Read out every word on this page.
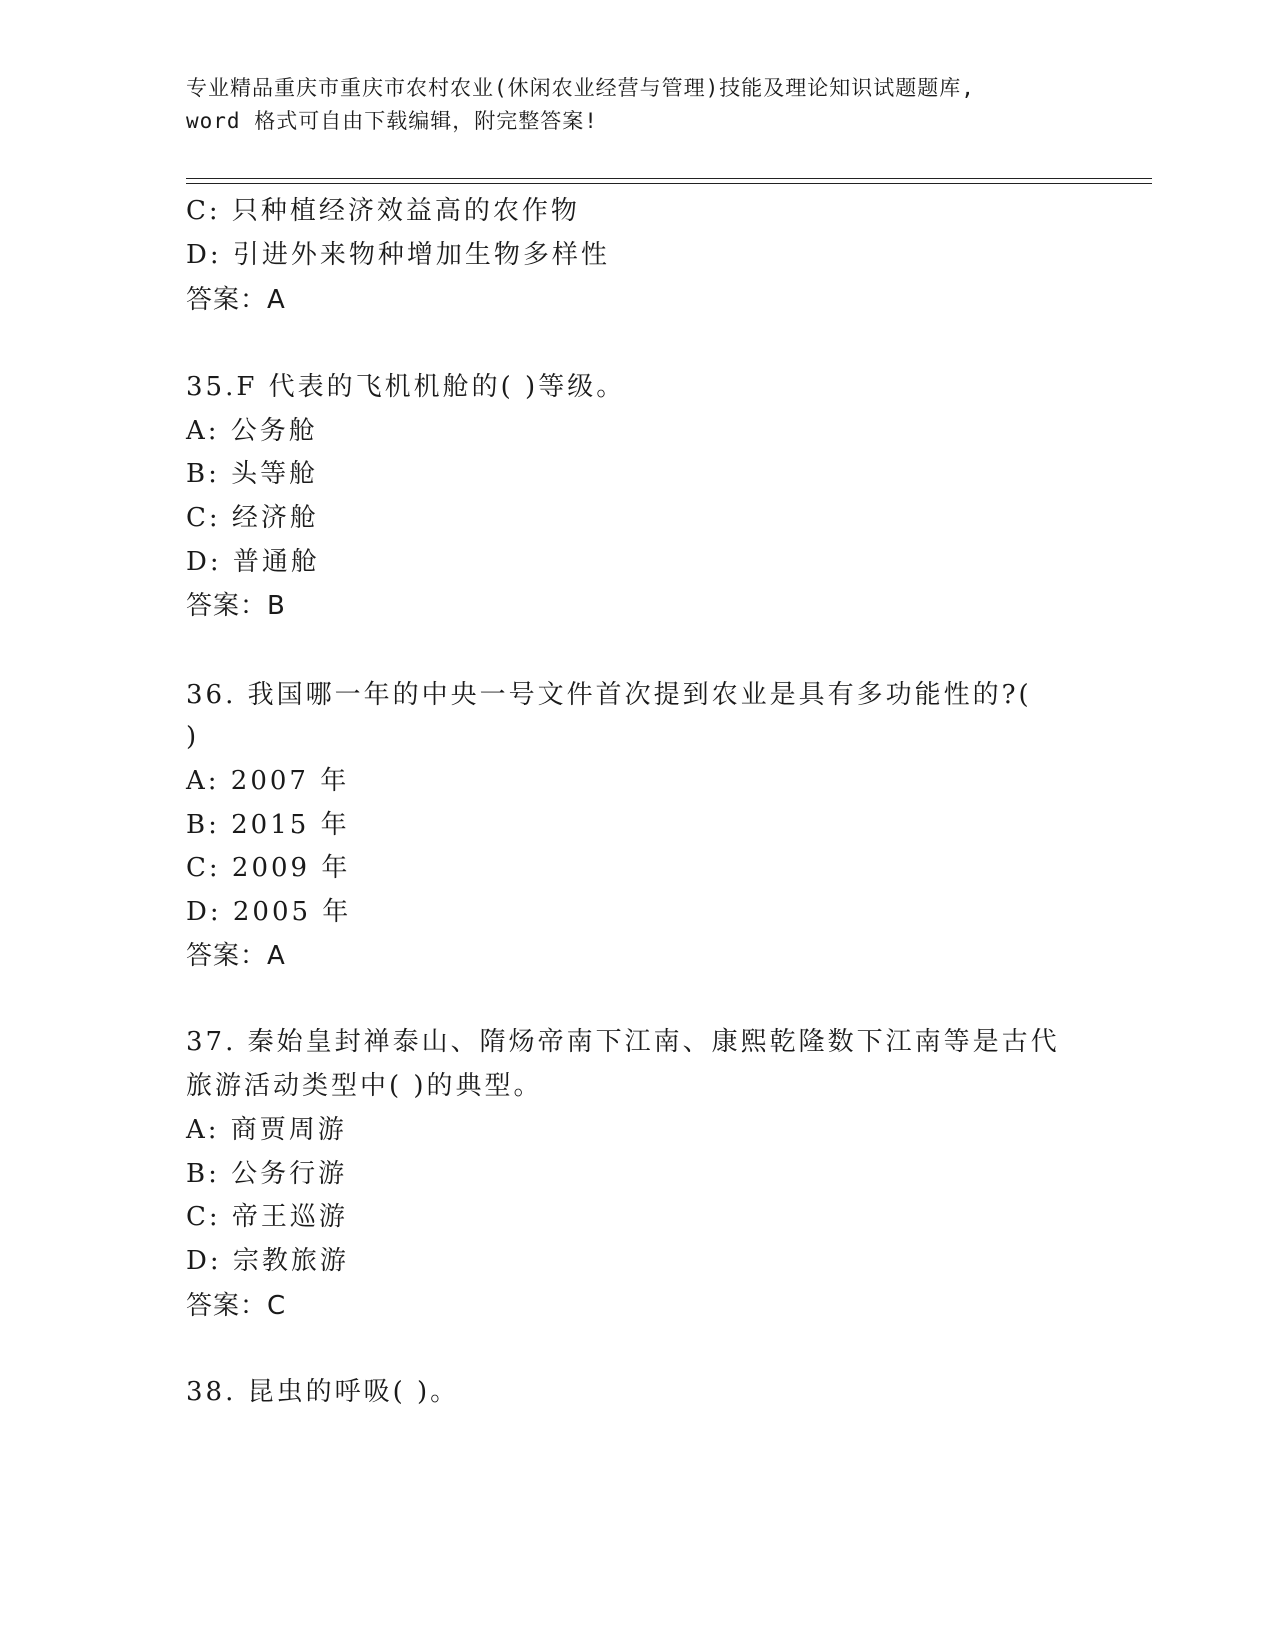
专业精品重庆市重庆市农村农业(休闲农业经营与管理)技能及理论知识试题题库,
word 格式可自由下载编辑，附完整答案!
C: 只种植经济效益高的农作物
D: 引进外来物种增加生物多样性
答案：A
35.F 代表的飞机机舱的( )等级。
A: 公务舱
B: 头等舱
C: 经济舱
D: 普通舱
答案：B
36. 我国哪一年的中央一号文件首次提到农业是具有多功能性的?(
)
A: 2007 年
B: 2015 年
C: 2009 年
D: 2005 年
答案：A
37. 秦始皇封禅泰山、隋炀帝南下江南、康熙乾隆数下江南等是古代
旅游活动类型中( )的典型。
A: 商贾周游
B: 公务行游
C: 帝王巡游
D: 宗教旅游
答案：C
38. 昆虫的呼吸( )。
